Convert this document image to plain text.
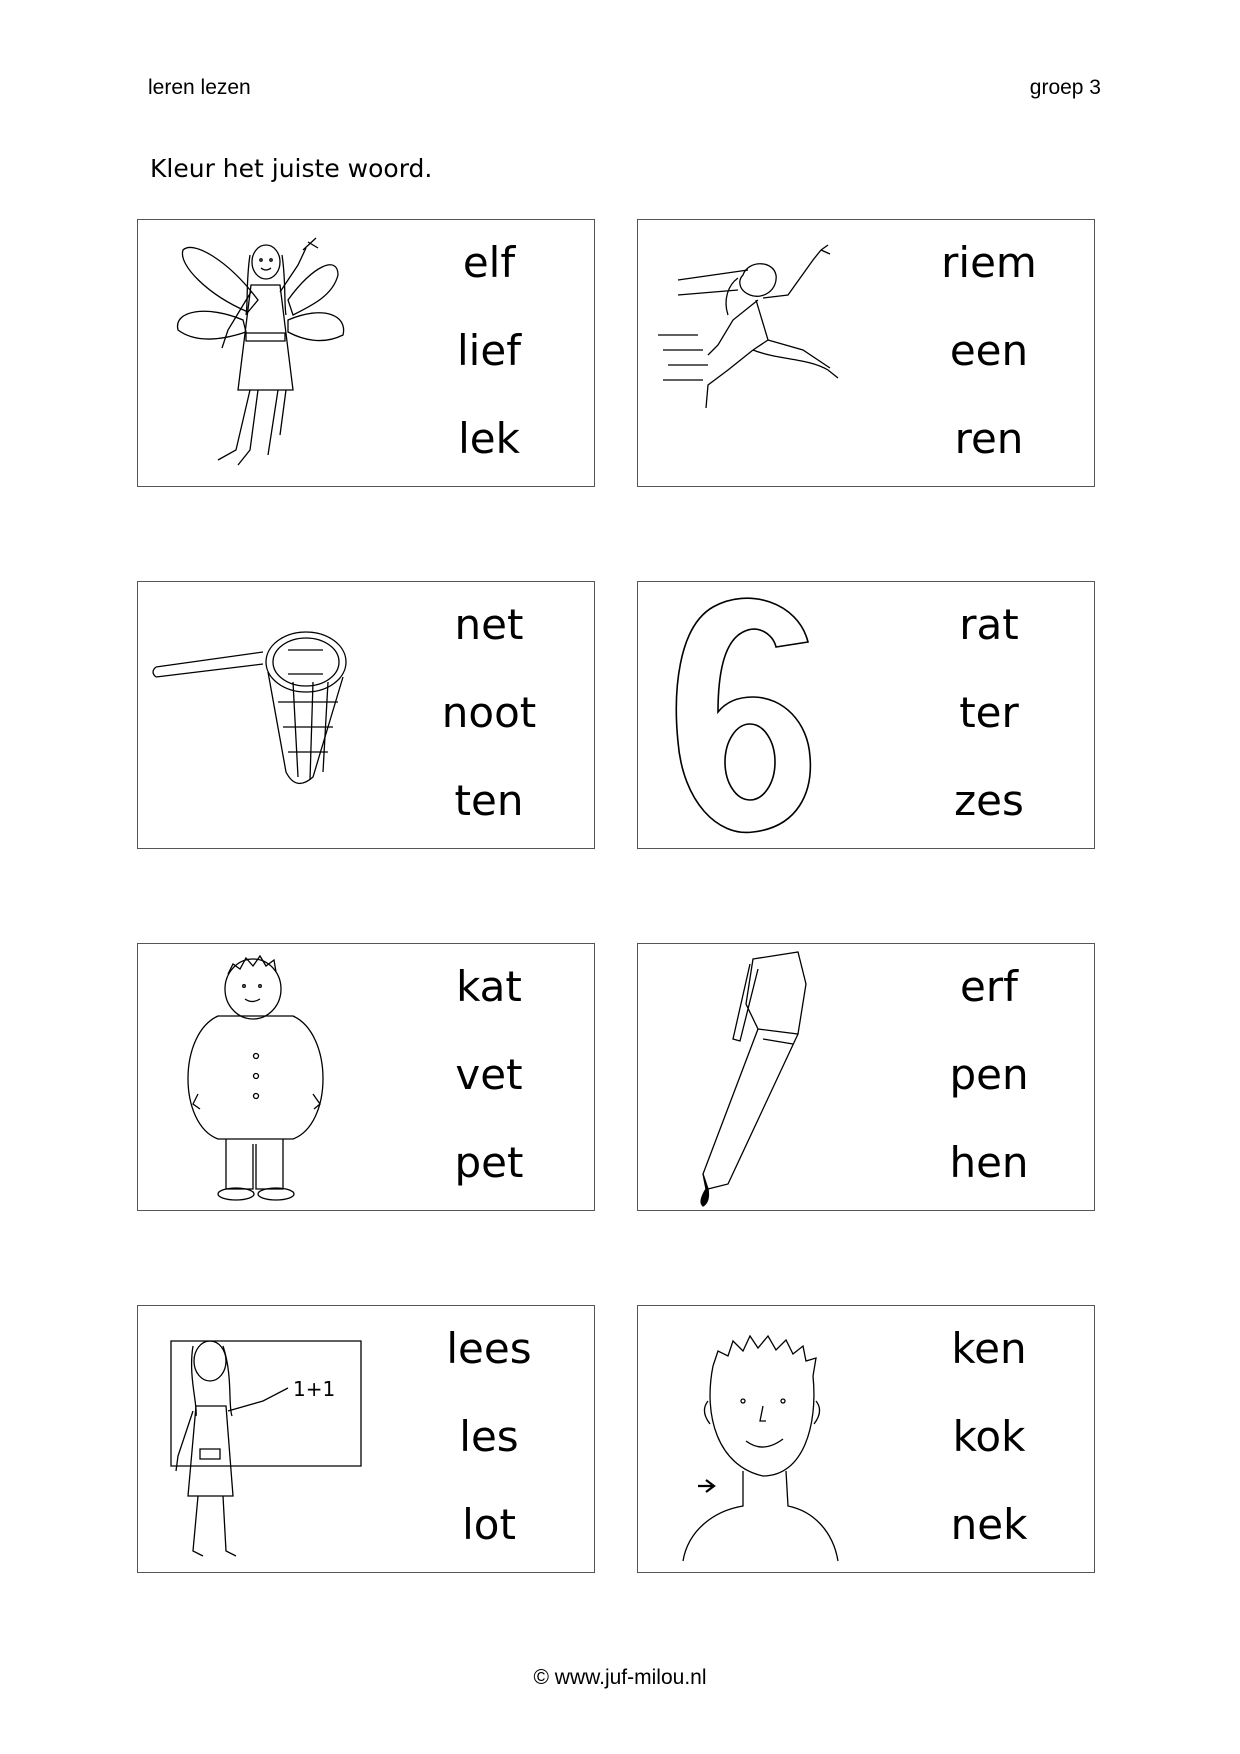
leren lezen	groep 3
Kleur het juiste woord.
elf
lief
lek
riem
een
ren
net
noot
ten
rat
ter
zes
kat
vet
pet
erf
pen
hen
1+1
lees
les
lot
ken
kok
nek
© www.juf-milou.nl
